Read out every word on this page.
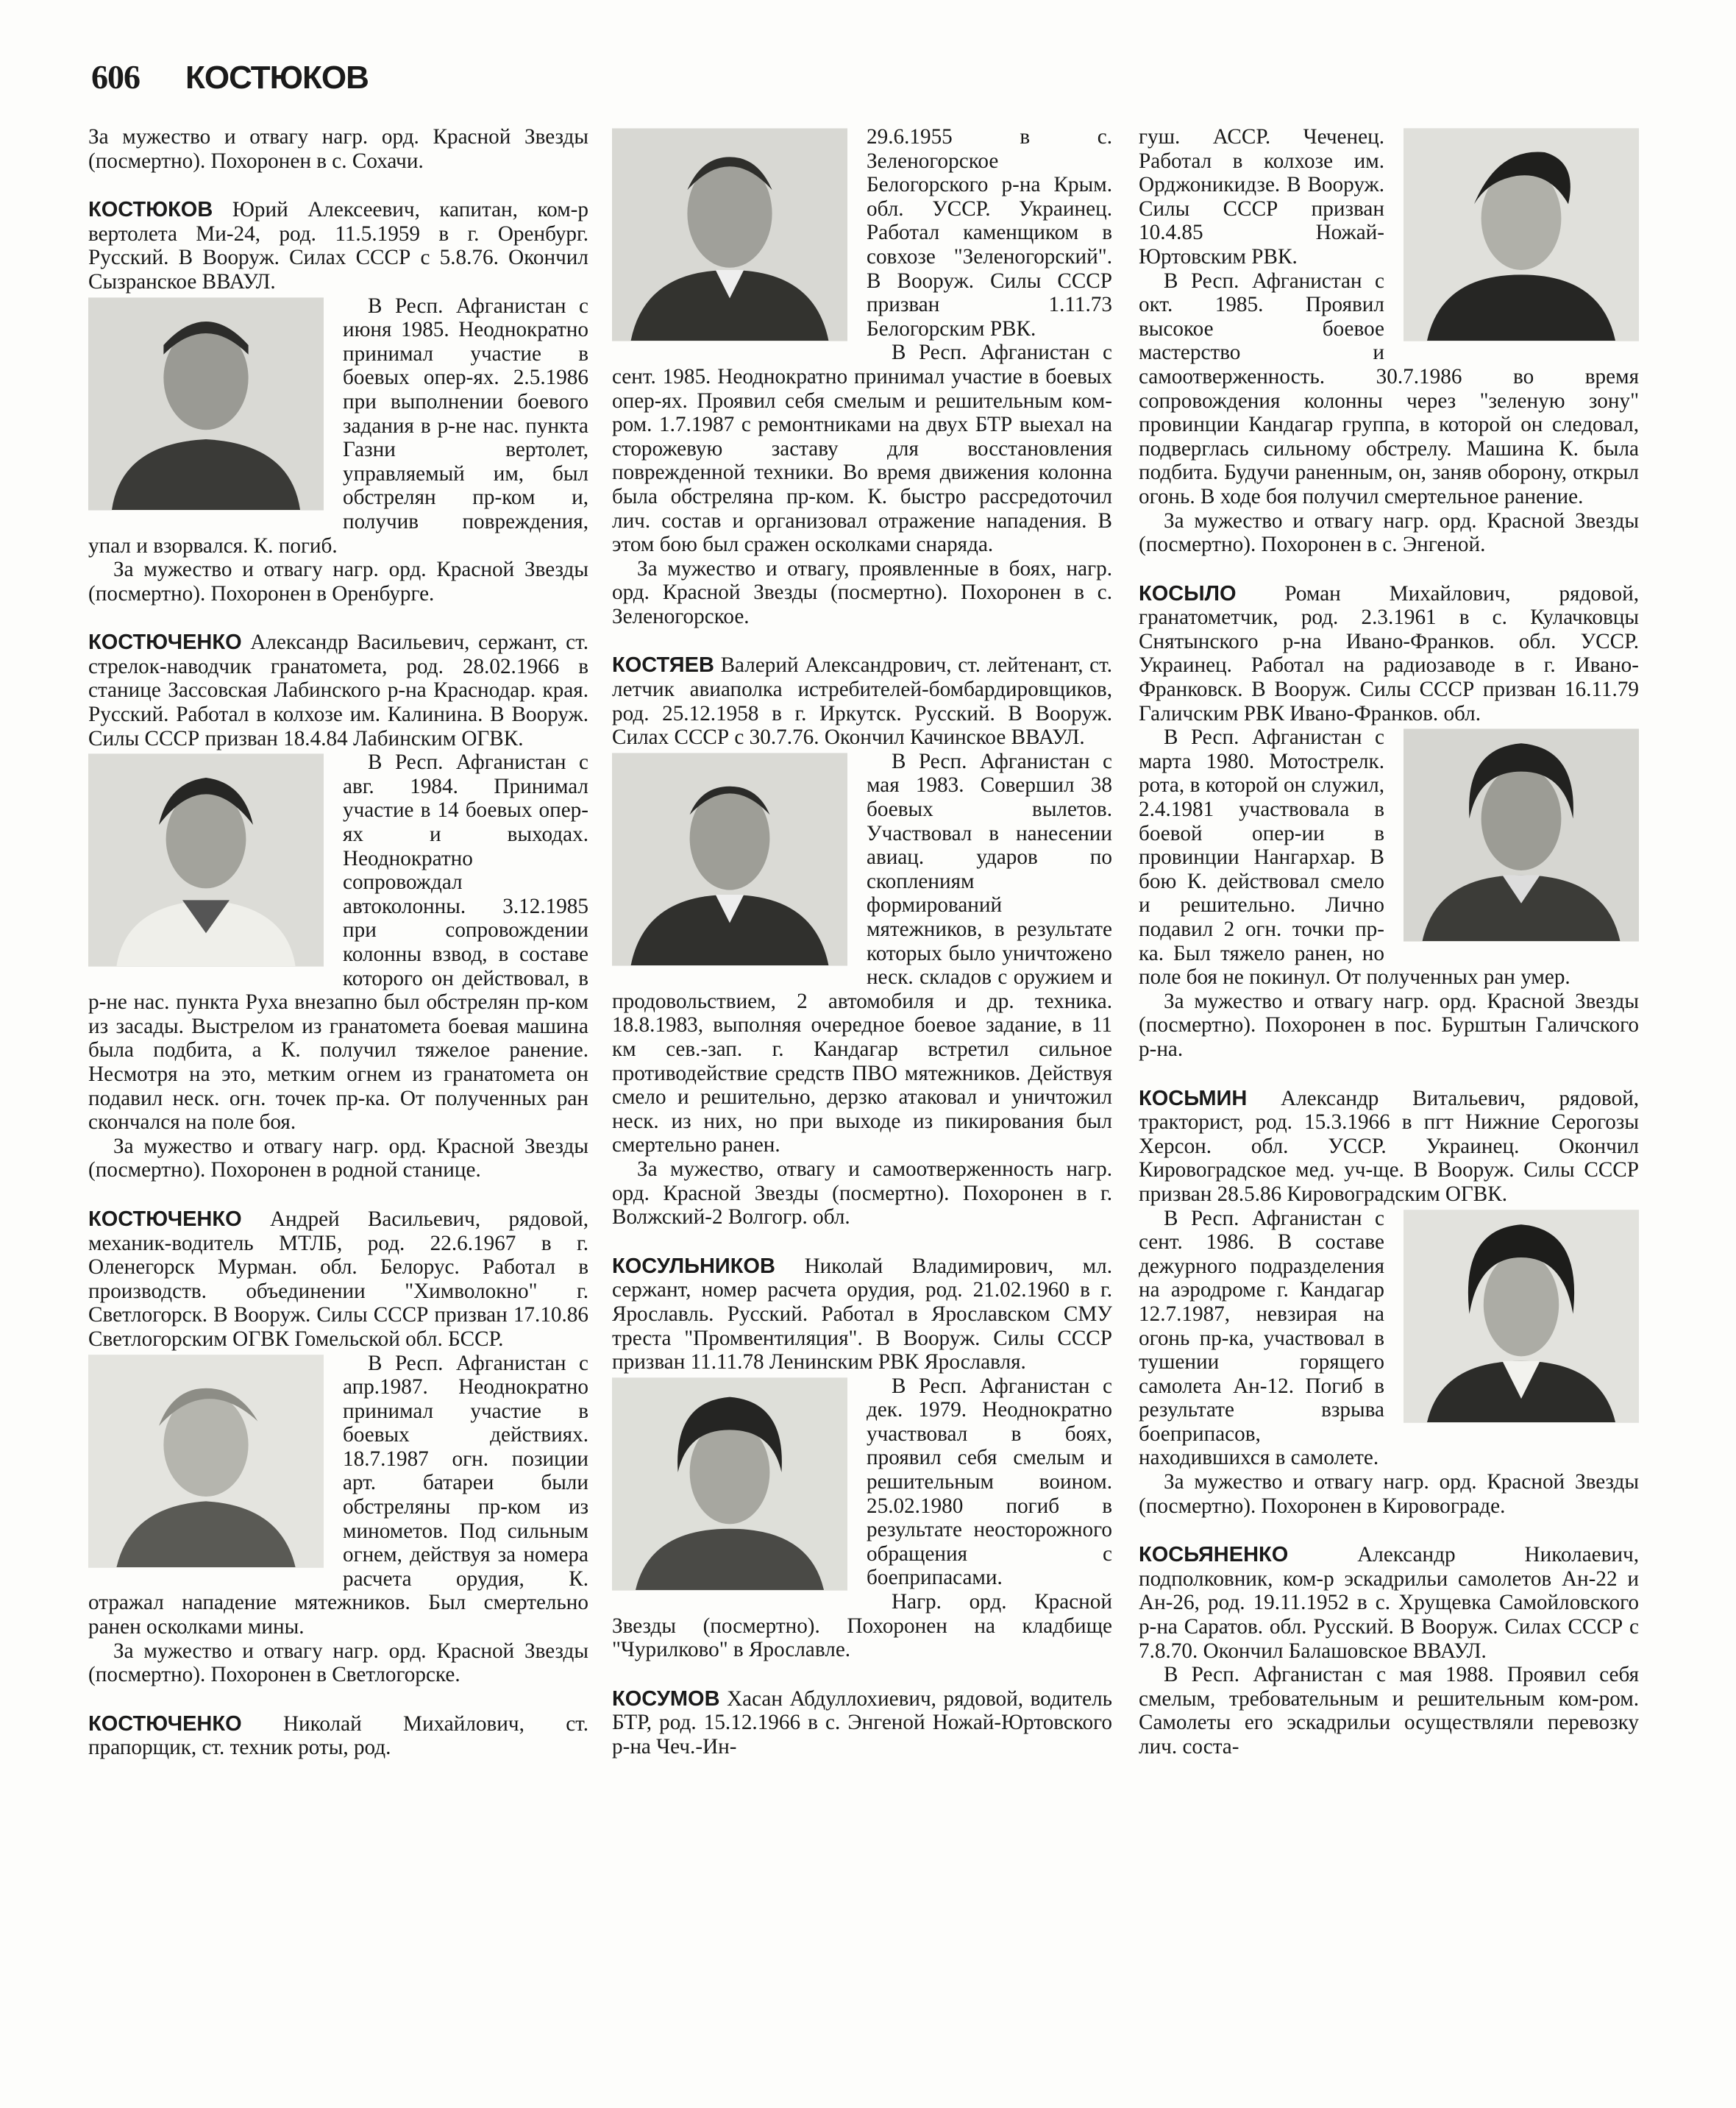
606 КОСТЮКОВ

За мужество и отвагу нагр. орд. Красной Звезды (посмертно). Похоронен в с. Сохачи.

КОСТЮКОВ Юрий Алексеевич, капитан, ком-р вертолета Ми-24, род. 11.5.1959 в г. Оренбург. Русский. В Вооруж. Силах СССР с 5.8.76. Окончил Сызранское ВВАУЛ.

В Респ. Афганистан с июня 1985. Неоднократно принимал участие в боевых опер-ях. 2.5.1986 при выполнении боевого задания в р-не нас. пункта Газни вертолет, управляемый им, был обстрелян пр-ком и, получив повреждения, упал и взорвался. К. погиб.

За мужество и отвагу нагр. орд. Красной Звезды (посмертно). Похоронен в Оренбурге.

КОСТЮЧЕНКО Александр Васильевич, сержант, ст. стрелок-наводчик гранатомета, род. 28.02.1966 в станице Зассовская Лабинского р-на Краснодар. края. Русский. Работал в колхозе им. Калинина. В Вооруж. Силы СССР призван 18.4.84 Лабинским ОГВК.

В Респ. Афганистан с авг. 1984. Принимал участие в 14 боевых опер-ях и выходах. Неоднократно сопровождал автоколонны. 3.12.1985 при сопровождении колонны взвод, в составе которого он действовал, в р-не нас. пункта Руха внезапно был обстрелян пр-ком из засады. Выстрелом из гранатомета боевая машина была подбита, а К. получил тяжелое ранение. Несмотря на это, метким огнем из гранатомета он подавил неск. огн. точек пр-ка. От полученных ран скончался на поле боя.

За мужество и отвагу нагр. орд. Красной Звезды (посмертно). Похоронен в родной станице.

КОСТЮЧЕНКО Андрей Васильевич, рядовой, механик-водитель МТЛБ, род. 22.6.1967 в г. Оленегорск Мурман. обл. Белорус. Работал в производств. объединении "Химволокно" г. Светлогорск. В Вооруж. Силы СССР призван 17.10.86 Светлогорским ОГВК Гомельской обл. БССР.

В Респ. Афганистан с апр.1987. Неоднократно принимал участие в боевых действиях. 18.7.1987 огн. позиции арт. батареи были обстреляны пр-ком из минометов. Под сильным огнем, действуя за номера расчета орудия, К. отражал нападение мятежников. Был смертельно ранен осколками мины.

За мужество и отвагу нагр. орд. Красной Звезды (посмертно). Похоронен в Светлогорске.

КОСТЮЧЕНКО Николай Михайлович, ст. прапорщик, ст. техник роты, род.

29.6.1955 в с. Зеленогорское Белогорского р-на Крым. обл. УССР. Украинец. Работал каменщиком в совхозе "Зеленогорский". В Вооруж. Силы СССР призван 1.11.73 Белогорским РВК.

В Респ. Афганистан с сент. 1985. Неоднократно принимал участие в боевых опер-ях. Проявил себя смелым и решительным ком-ром. 1.7.1987 с ремонтниками на двух БТР выехал на сторожевую заставу для восстановления поврежденной техники. Во время движения колонна была обстреляна пр-ком. К. быстро рассредоточил лич. состав и организовал отражение нападения. В этом бою был сражен осколками снаряда.

За мужество и отвагу, проявленные в боях, нагр. орд. Красной Звезды (посмертно). Похоронен в с. Зеленогорское.

КОСТЯЕВ Валерий Александрович, ст. лейтенант, ст. летчик авиаполка истребителей-бомбардировщиков, род. 25.12.1958 в г. Иркутск. Русский. В Вооруж. Силах СССР с 30.7.76. Окончил Качинское ВВАУЛ.

В Респ. Афганистан с мая 1983. Совершил 38 боевых вылетов. Участвовал в нанесении авиац. ударов по скоплениям формирований мятежников, в результате которых было уничтожено неск. складов с оружием и продовольствием, 2 автомобиля и др. техника. 18.8.1983, выполняя очередное боевое задание, в 11 км сев.-зап. г. Кандагар встретил сильное противодействие средств ПВО мятежников. Действуя смело и решительно, дерзко атаковал и уничтожил неск. из них, но при выходе из пикирования был смертельно ранен.

За мужество, отвагу и самоотверженность нагр. орд. Красной Звезды (посмертно). Похоронен в г. Волжский-2 Волгогр. обл.

КОСУЛЬНИКОВ Николай Владимирович, мл. сержант, номер расчета орудия, род. 21.02.1960 в г. Ярославль. Русский. Работал в Ярославском СМУ треста "Промвентиляция". В Вооруж. Силы СССР призван 11.11.78 Ленинским РВК Ярославля.

В Респ. Афганистан с дек. 1979. Неоднократно участвовал в боях, проявил себя смелым и решительным воином. 25.02.1980 погиб в результате неосторожного обращения с боеприпасами.

Нагр. орд. Красной Звезды (посмертно). Похоронен на кладбище "Чурилково" в Ярославле.

КОСУМОВ Хасан Абдуллохиевич, рядовой, водитель БТР, род. 15.12.1966 в с. Энгеной Ножай-Юртовского р-на Чеч.-Ин-

гуш. АССР. Чеченец. Работал в колхозе им. Орджоникидзе. В Вооруж. Силы СССР призван 10.4.85 Ножай-Юртовским РВК.

В Респ. Афганистан с окт. 1985. Проявил высокое боевое мастерство и самоотверженность. 30.7.1986 во время сопровождения колонны через "зеленую зону" провинции Кандагар группа, в которой он следовал, подверглась сильному обстрелу. Машина К. была подбита. Будучи раненным, он, заняв оборону, открыл огонь. В ходе боя получил смертельное ранение.

За мужество и отвагу нагр. орд. Красной Звезды (посмертно). Похоронен в с. Энгеной.

КОСЫЛО Роман Михайлович, рядовой, гранатометчик, род. 2.3.1961 в с. Кулачковцы Снятынского р-на Ивано-Франков. обл. УССР. Украинец. Работал на радиозаводе в г. Ивано-Франковск. В Вооруж. Силы СССР призван 16.11.79 Галичским РВК Ивано-Франков. обл.

В Респ. Афганистан с марта 1980. Мотострелк. рота, в которой он служил, 2.4.1981 участвовала в боевой опер-ии в провинции Нангархар. В бою К. действовал смело и решительно. Лично подавил 2 огн. точки пр-ка. Был тяжело ранен, но поле боя не покинул. От полученных ран умер.

За мужество и отвагу нагр. орд. Красной Звезды (посмертно). Похоронен в пос. Бурштын Галичского р-на.

КОСЬМИН Александр Витальевич, рядовой, тракторист, род. 15.3.1966 в пгт Нижние Серогозы Херсон. обл. УССР. Украинец. Окончил Кировоградское мед. уч-ще. В Вооруж. Силы СССР призван 28.5.86 Кировоградским ОГВК.

В Респ. Афганистан с сент. 1986. В составе дежурного подразделения на аэродроме г. Кандагар 12.7.1987, невзирая на огонь пр-ка, участвовал в тушении горящего самолета Ан-12. Погиб в результате взрыва боеприпасов, находившихся в самолете.

За мужество и отвагу нагр. орд. Красной Звезды (посмертно). Похоронен в Кировограде.

КОСЬЯНЕНКО	Александр Николаевич, подполковник, ком-р эскадрильи самолетов Ан-22 и Ан-26, род. 19.11.1952 в с. Хрущевка Самойловского р-на Саратов. обл. Русский. В Вооруж. Силах СССР с 7.8.70. Окончил Балашовское ВВАУЛ.

В Респ. Афганистан с мая 1988. Проявил себя смелым, требовательным и решительным ком-ром. Самолеты его эскадрильи осуществляли перевозку лич. соста-
